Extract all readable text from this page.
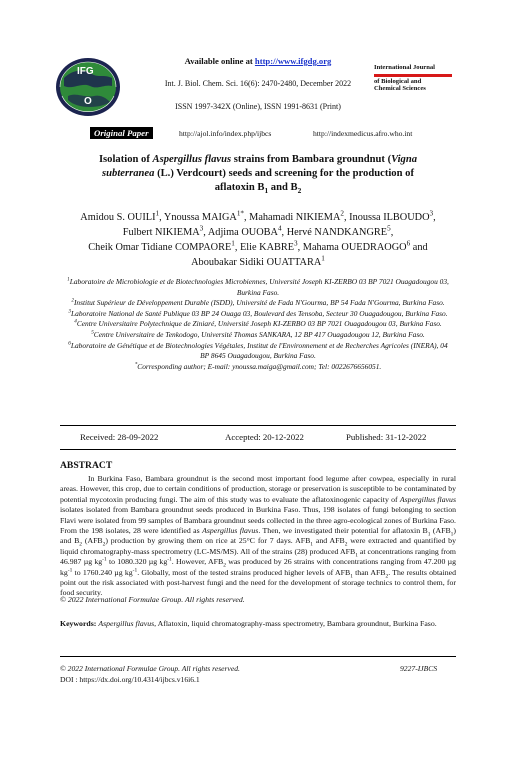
IFG
O
Available online at http://www.ifgdg.org
Int. J. Biol. Chem. Sci. 16(6): 2470-2480, December 2022
ISSN 1997-342X (Online), ISSN 1991-8631 (Print)
International Journal
of Biological and
Chemical Sciences
Original Paper	http://ajol.info/index.php/ijbcs	http://indexmedicus.afro.who.int
Isolation of Aspergillus flavus strains from Bambara groundnut (Vigna
subterranea (L.) Verdcourt) seeds and screening for the production of
aflatoxin $B_1$ and $B_2$
Amidou S. OUILI$^1$, Ynoussa $MAIGA^{1*}$, Mahamadi NIKIEMA$^2$, Inoussa ILBOUDO$^3$,
Fulbert NIKIEMA$^3$, Adjima OUOBA$^4$, Hervé NANDKANGRE$^5$,
Cheik Omar Tidiane COMPAORE$^1$, Elie KABRE$^3$, Mahama OUEDRAOGO$^6$ and
Aboubakar Sidiki OUATTARA$^1$

$^1$Laboratoire de Microbiologie et de Biotechnologies Microbiennes, Université Joseph KI-ZERBO 03 BP 7021 Ouagadougou 03, Burkina Faso.

$^2$Institut Supérieur de Développement Durable (ISDD), Université de Fada N'Gourma, BP 54 Fada N'Gourma, Burkina Faso.

$^3$Laboratoire National de Santé Publique 03 BP 24 Ouaga 03, Boulevard des Tensoba, Secteur 30 Ouagadougou, Burkina Faso.

$^4$Centre Universitaire Polytechnique de Ziniaré, Université Joseph KI-ZERBO 03 BP 7021 Ouagadougou 03, Burkina Faso.

$^5$Centre Universitaire de Tenkodogo, Université Thomas SANKARA, 12 BP 417 Ouagadougou 12, Burkina Faso.

$^6$Laboratoire de Génétique et de Biotechnologies Végétales, Institut de l'Environnement et de Recherches Agricoles (INERA), 04 BP 8645 Ouagadougou, Burkina Faso.

*Corresponding author; E-mail: ynoussa.maiga@gmail.com; Tel: 0022676656051.

Received: 28-09-2022	Accepted: 20-12-2022	Published: 31-12-2022
ABSTRACT
In Burkina Faso, Bambara groundnut is the second most important food legume after cowpea, especially in rural areas. However, this crop, due to certain conditions of production, storage or preservation is susceptible to be contaminated by potential mycotoxin producing fungi. The aim of this study was to evaluate the aflatoxinogenic capacity of Aspergillus flavus isolates isolated from Bambara groundnut seeds produced in Burkina Faso. Thus, 198 isolates of fungi belonging to section Flavi were isolated from 99 samples of Bambara groundnut seeds collected in the three agro-ecological zones of Burkina Faso. From the 198 isolates, 28 were identified as Aspergillus flavus. Then, we investigated their potential for aflatoxin $B_1$ $(AFB_1)$ and $B_2$ $(AFB_2)$ production by growing them on rice at 25°C for 7 days. $AFB_1$ and $AFB_2$ were extracted and quantified by liquid chromatography-mass spectrometry (LC-MS/MS). All of the strains (28) produced $AFB_1$ at concentrations ranging from 46.987 µg $kg^{-1}$ to 1080.320 µg $kg^{-1}$. However, $AFB_2$ was produced by 26 strains with concentrations ranging from 47.200 µg $kg^{-1}$ to 1760.240 µg $kg^{-1}$. Globally, most of the tested strains produced higher levels of $AFB_1$ than $AFB_2$. The results obtained point out the risk associated with post-harvest fungi and the need for the development of storage technics to control them, for food security.
© 2022 International Formulae Group. All rights reserved.
Keywords: Aspergillus flavus, Aflatoxin, liquid chromatography-mass spectrometry, Bambara groundnut, Burkina Faso.
© 2022 International Formulae Group. All rights reserved.	9227-IJBCS
DOI : https://dx.doi.org/10.4314/ijbcs.v16i6.1
